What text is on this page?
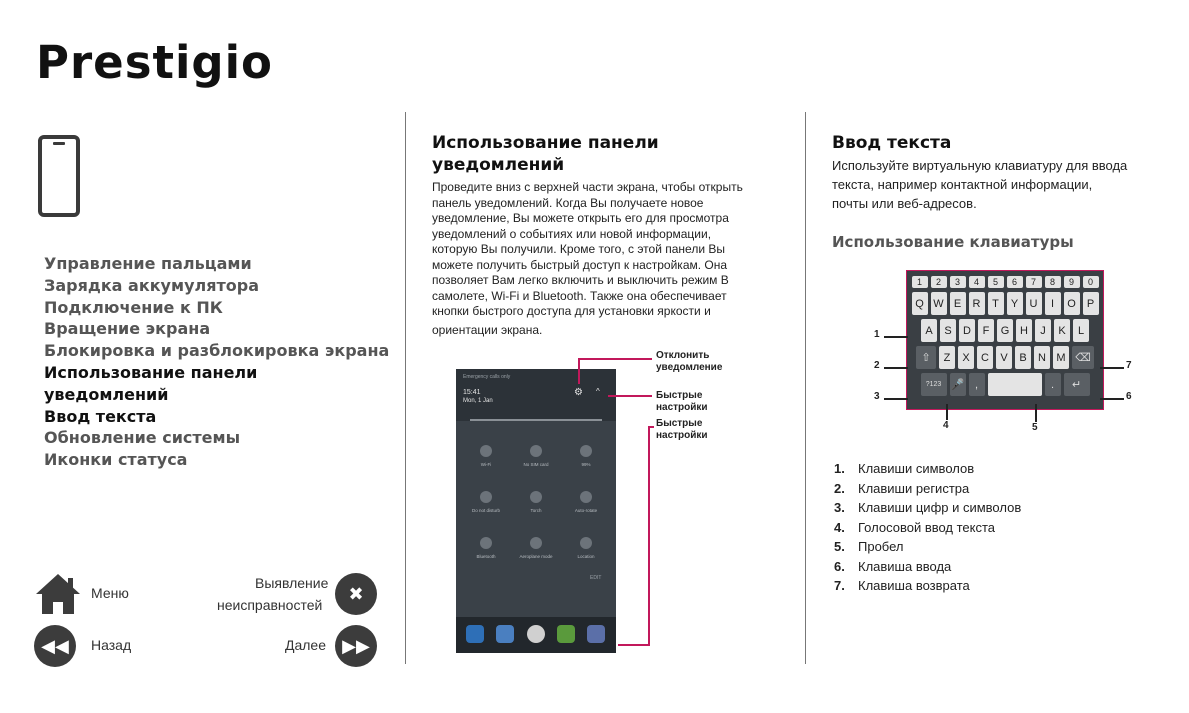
Prestigio
Управление пальцами
Зарядка аккумулятора
Подключение к ПК
Вращение экрана
Блокировка и разблокировка экрана
Использование панели
уведомлений
Ввод текста
Обновление системы
Иконки статуса
Меню
Выявление
неисправностей
✖
◀◀	Назад	Далее ▶▶
Использование панели
уведомлений
Проведите вниз с верхней части экрана, чтобы открыть
панель уведомлений. Когда Вы получаете новое
уведомление, Вы можете открыть его для просмотра
уведомлений о событиях или новой информации,
которую Вы получили. Кроме того, с этой панели Вы
можете получить быстрый доступ к настройкам. Она
позволяет Вам легко включить и выключить режим В
самолете, Wi-Fi и Bluetooth. Также она обеспечивает
кнопки быстрого доступа для установки яркости и
ориентации экрана.
Emergency calls only
15:41
Mon, 1 Jan
⚙ ^
Wi-Fi	No SIM card	99%
Do not disturb	Torch	Auto-rotate
Bluetooth	Aeroplane mode	Location
EDIT
Отклонить
уведомление
Быстрые
настройки
Быстрые
настройки
Ввод текста
Используйте виртуальную клавиатуру для ввода
текста, например контактной информации,
почты или веб-адресов.
Использование клавиатуры
1	2	3	4	5	6	7	8	9	0
Q W E	R	T	Y	U	I	O	P
A	S	D	F	G H	J	K	L
⇧	Z	X	C	V	B	N M ⌫
?123 🎤 ,	.	↵
1
2
3
4	5
6
7
1. Клавиши символов
2. Клавиши регистра
3. Клавиши цифр и символов
4. Голосовой ввод текста
5. Пробел
6. Клавиша ввода
7. Клавиша возврата
